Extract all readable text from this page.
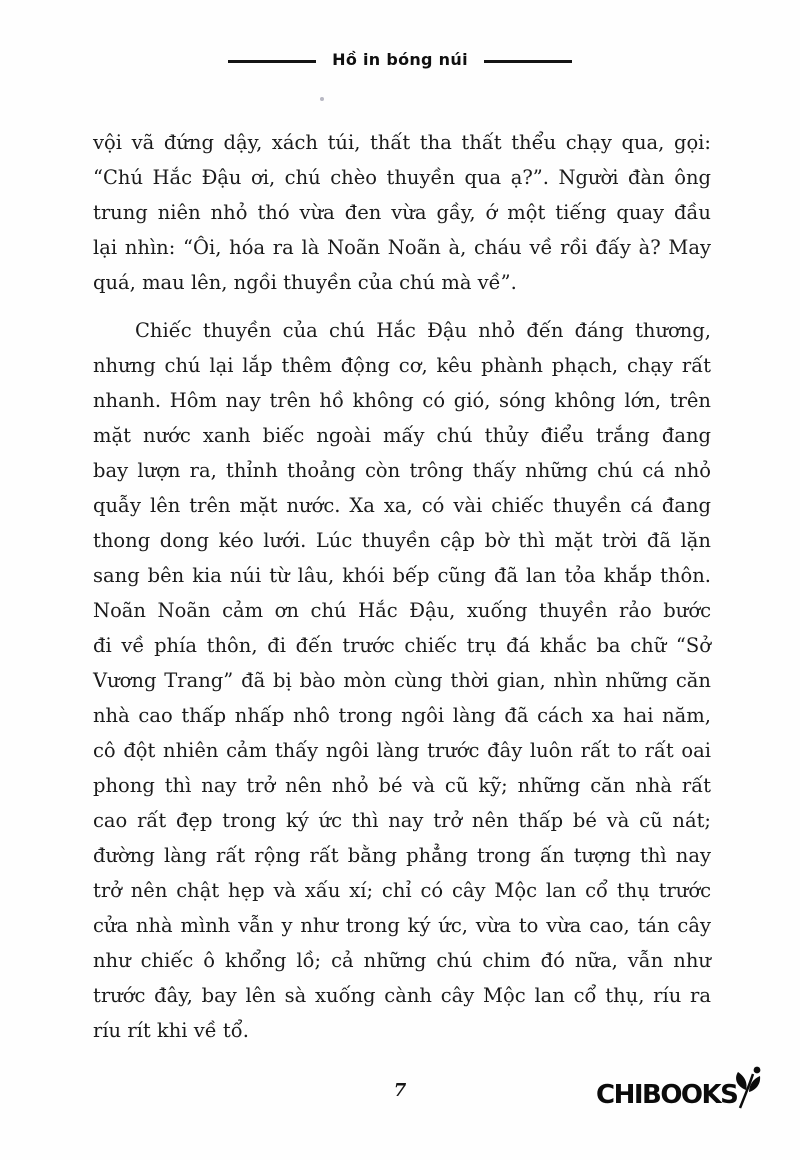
Hồ in bóng núi
vội vã đứng dậy, xách túi, thất tha thất thểu chạy qua, gọi:
“Chú Hắc Đậu ơi, chú chèo thuyền qua ạ?”. Người đàn ông
trung niên nhỏ thó vừa đen vừa gầy, ớ một tiếng quay đầu
lại nhìn: “Ôi, hóa ra là Noãn Noãn à, cháu về rồi đấy à? May
quá, mau lên, ngồi thuyền của chú mà về”.
Chiếc thuyền của chú Hắc Đậu nhỏ đến đáng thương,
nhưng chú lại lắp thêm động cơ, kêu phành phạch, chạy rất
nhanh. Hôm nay trên hồ không có gió, sóng không lớn, trên
mặt nước xanh biếc ngoài mấy chú thủy điểu trắng đang
bay lượn ra, thỉnh thoảng còn trông thấy những chú cá nhỏ
quẫy lên trên mặt nước. Xa xa, có vài chiếc thuyền cá đang
thong dong kéo lưới. Lúc thuyền cập bờ thì mặt trời đã lặn
sang bên kia núi từ lâu, khói bếp cũng đã lan tỏa khắp thôn.
Noãn Noãn cảm ơn chú Hắc Đậu, xuống thuyền rảo bước
đi về phía thôn, đi đến trước chiếc trụ đá khắc ba chữ “Sở
Vương Trang” đã bị bào mòn cùng thời gian, nhìn những căn
nhà cao thấp nhấp nhô trong ngôi làng đã cách xa hai năm,
cô đột nhiên cảm thấy ngôi làng trước đây luôn rất to rất oai
phong thì nay trở nên nhỏ bé và cũ kỹ; những căn nhà rất
cao rất đẹp trong ký ức thì nay trở nên thấp bé và cũ nát;
đường làng rất rộng rất bằng phẳng trong ấn tượng thì nay
trở nên chật hẹp và xấu xí; chỉ có cây Mộc lan cổ thụ trước
cửa nhà mình vẫn y như trong ký ức, vừa to vừa cao, tán cây
như chiếc ô khổng lồ; cả những chú chim đó nữa, vẫn như
trước đây, bay lên sà xuống cành cây Mộc lan cổ thụ, ríu ra
ríu rít khi về tổ.
7	CHIBOOKS
